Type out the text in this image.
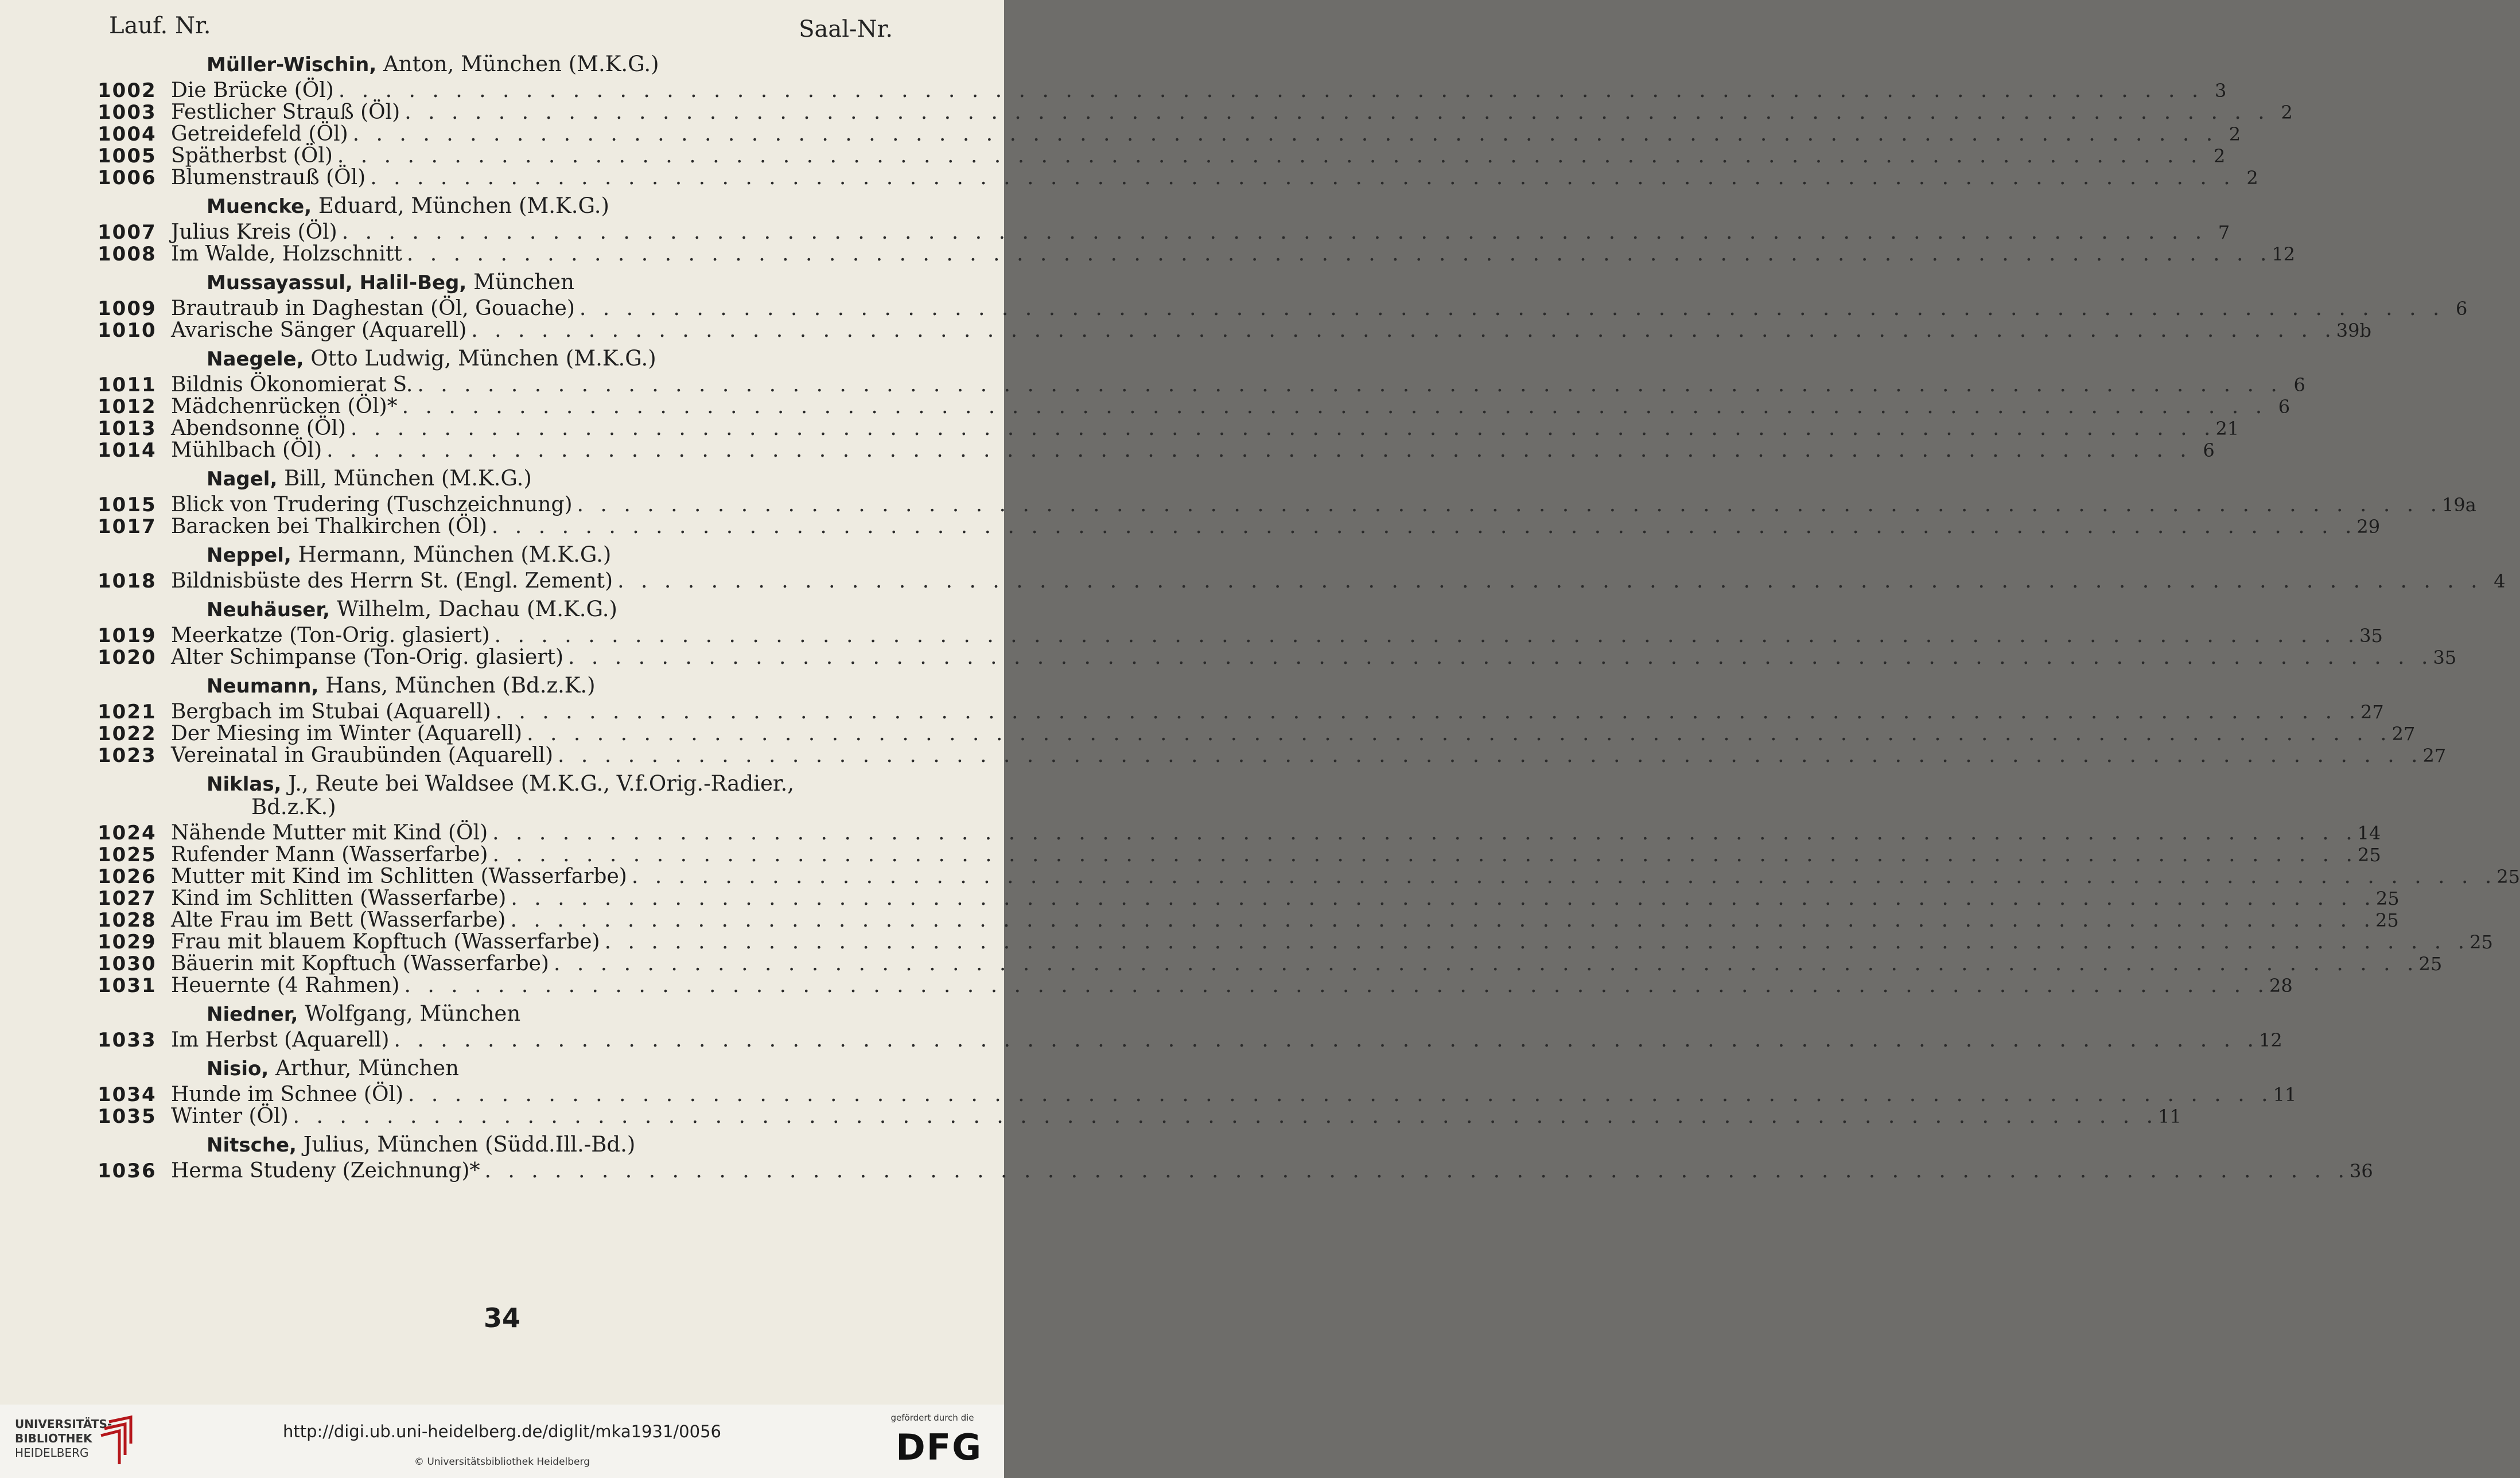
Lauf. Nr.	Saal-Nr.
Müller-Wischin, Anton, München (M.K.G.)
1002 Die Brücke (Öl) . . . . . . . . . . . . . . . . . . . . . . . . . . . . . . . . . . . . . . . . . . . . . . . . . . . . . . . . . . . . . . . . . . . . . . . . . . . . . . . . 3
1003 Festlicher Strauß (Öl) . . . . . . . . . . . . . . . . . . . . . . . . . . . . . . . . . . . . . . . . . . . . . . . . . . . . . . . . . . . . . . . . . . . . . . . . . . . . . . . . 2
1004 Getreidefeld (Öl) . . . . . . . . . . . . . . . . . . . . . . . . . . . . . . . . . . . . . . . . . . . . . . . . . . . . . . . . . . . . . . . . . . . . . . . . . . . . . . . . 2
1005 Spätherbst (Öl) . . . . . . . . . . . . . . . . . . . . . . . . . . . . . . . . . . . . . . . . . . . . . . . . . . . . . . . . . . . . . . . . . . . . . . . . . . . . . . . . 2
1006 Blumenstrauß (Öl) . . . . . . . . . . . . . . . . . . . . . . . . . . . . . . . . . . . . . . . . . . . . . . . . . . . . . . . . . . . . . . . . . . . . . . . . . . . . . . . . 2
Muencke, Eduard, München (M.K.G.)
1007 Julius Kreis (Öl) . . . . . . . . . . . . . . . . . . . . . . . . . . . . . . . . . . . . . . . . . . . . . . . . . . . . . . . . . . . . . . . . . . . . . . . . . . . . . . . . 7
1008 Im Walde, Holzschnitt . . . . . . . . . . . . . . . . . . . . . . . . . . . . . . . . . . . . . . . . . . . . . . . . . . . . . . . . . . . . . . . . . . . . . . . . . . . . . . . . 12
Mussayassul, Halil-Beg, München
1009 Brautraub in Daghestan (Öl, Gouache) . . . . . . . . . . . . . . . . . . . . . . . . . . . . . . . . . . . . . . . . . . . . . . . . . . . . . . . . . . . . . . . . . . . . . . . . . . . . . . . . 6
1010 Avarische Sänger (Aquarell) . . . . . . . . . . . . . . . . . . . . . . . . . . . . . . . . . . . . . . . . . . . . . . . . . . . . . . . . . . . . . . . . . . . . . . . . . . . . . . . . 39b
Naegele, Otto Ludwig, München (M.K.G.)
1011 Bildnis Ökonomierat S. . . . . . . . . . . . . . . . . . . . . . . . . . . . . . . . . . . . . . . . . . . . . . . . . . . . . . . . . . . . . . . . . . . . . . . . . . . . . . . . . 6
1012 Mädchenrücken (Öl)* . . . . . . . . . . . . . . . . . . . . . . . . . . . . . . . . . . . . . . . . . . . . . . . . . . . . . . . . . . . . . . . . . . . . . . . . . . . . . . . . 6
1013 Abendsonne (Öl) . . . . . . . . . . . . . . . . . . . . . . . . . . . . . . . . . . . . . . . . . . . . . . . . . . . . . . . . . . . . . . . . . . . . . . . . . . . . . . . . 21
1014 Mühlbach (Öl) . . . . . . . . . . . . . . . . . . . . . . . . . . . . . . . . . . . . . . . . . . . . . . . . . . . . . . . . . . . . . . . . . . . . . . . . . . . . . . . . 6
Nagel, Bill, München (M.K.G.)
1015 Blick von Trudering (Tuschzeichnung) . . . . . . . . . . . . . . . . . . . . . . . . . . . . . . . . . . . . . . . . . . . . . . . . . . . . . . . . . . . . . . . . . . . . . . . . . . . . . . . . 19a
1017 Baracken bei Thalkirchen (Öl) . . . . . . . . . . . . . . . . . . . . . . . . . . . . . . . . . . . . . . . . . . . . . . . . . . . . . . . . . . . . . . . . . . . . . . . . . . . . . . . . 29
Neppel, Hermann, München (M.K.G.)
1018 Bildnisbüste des Herrn St. (Engl. Zement) . . . . . . . . . . . . . . . . . . . . . . . . . . . . . . . . . . . . . . . . . . . . . . . . . . . . . . . . . . . . . . . . . . . . . . . . . . . . . . . . 4
Neuhäuser, Wilhelm, Dachau (M.K.G.)
1019 Meerkatze (Ton-Orig. glasiert) . . . . . . . . . . . . . . . . . . . . . . . . . . . . . . . . . . . . . . . . . . . . . . . . . . . . . . . . . . . . . . . . . . . . . . . . . . . . . . . . 35
1020 Alter Schimpanse (Ton-Orig. glasiert) . . . . . . . . . . . . . . . . . . . . . . . . . . . . . . . . . . . . . . . . . . . . . . . . . . . . . . . . . . . . . . . . . . . . . . . . . . . . . . . . 35
Neumann, Hans, München (Bd.z.K.)
1021 Bergbach im Stubai (Aquarell) . . . . . . . . . . . . . . . . . . . . . . . . . . . . . . . . . . . . . . . . . . . . . . . . . . . . . . . . . . . . . . . . . . . . . . . . . . . . . . . . 27
1022 Der Miesing im Winter (Aquarell) . . . . . . . . . . . . . . . . . . . . . . . . . . . . . . . . . . . . . . . . . . . . . . . . . . . . . . . . . . . . . . . . . . . . . . . . . . . . . . . . 27
1023 Vereinatal in Graubünden (Aquarell) . . . . . . . . . . . . . . . . . . . . . . . . . . . . . . . . . . . . . . . . . . . . . . . . . . . . . . . . . . . . . . . . . . . . . . . . . . . . . . . . 27
Niklas, J., Reute bei Waldsee (M.K.G., V.f.Orig.-Radier.,
Bd.z.K.)
1024 Nähende Mutter mit Kind (Öl) . . . . . . . . . . . . . . . . . . . . . . . . . . . . . . . . . . . . . . . . . . . . . . . . . . . . . . . . . . . . . . . . . . . . . . . . . . . . . . . . 14
1025 Rufender Mann (Wasserfarbe) . . . . . . . . . . . . . . . . . . . . . . . . . . . . . . . . . . . . . . . . . . . . . . . . . . . . . . . . . . . . . . . . . . . . . . . . . . . . . . . . 25
1026 Mutter mit Kind im Schlitten (Wasserfarbe) . . . . . . . . . . . . . . . . . . . . . . . . . . . . . . . . . . . . . . . . . . . . . . . . . . . . . . . . . . . . . . . . . . . . . . . . . . . . . . . . 25
1027 Kind im Schlitten (Wasserfarbe) . . . . . . . . . . . . . . . . . . . . . . . . . . . . . . . . . . . . . . . . . . . . . . . . . . . . . . . . . . . . . . . . . . . . . . . . . . . . . . . . 25
1028 Alte Frau im Bett (Wasserfarbe) . . . . . . . . . . . . . . . . . . . . . . . . . . . . . . . . . . . . . . . . . . . . . . . . . . . . . . . . . . . . . . . . . . . . . . . . . . . . . . . . 25
1029 Frau mit blauem Kopftuch (Wasserfarbe) . . . . . . . . . . . . . . . . . . . . . . . . . . . . . . . . . . . . . . . . . . . . . . . . . . . . . . . . . . . . . . . . . . . . . . . . . . . . . . . . 25
1030 Bäuerin mit Kopftuch (Wasserfarbe) . . . . . . . . . . . . . . . . . . . . . . . . . . . . . . . . . . . . . . . . . . . . . . . . . . . . . . . . . . . . . . . . . . . . . . . . . . . . . . . . 25
1031 Heuernte (4 Rahmen) . . . . . . . . . . . . . . . . . . . . . . . . . . . . . . . . . . . . . . . . . . . . . . . . . . . . . . . . . . . . . . . . . . . . . . . . . . . . . . . . 28
Niedner, Wolfgang, München
1033 Im Herbst (Aquarell) . . . . . . . . . . . . . . . . . . . . . . . . . . . . . . . . . . . . . . . . . . . . . . . . . . . . . . . . . . . . . . . . . . . . . . . . . . . . . . . . 12
Nisio, Arthur, München
1034 Hunde im Schnee (Öl) . . . . . . . . . . . . . . . . . . . . . . . . . . . . . . . . . . . . . . . . . . . . . . . . . . . . . . . . . . . . . . . . . . . . . . . . . . . . . . . . 11
1035 Winter (Öl) . . . . . . . . . . . . . . . . . . . . . . . . . . . . . . . . . . . . . . . . . . . . . . . . . . . . . . . . . . . . . . . . . . . . . . . . . . . . . . . . 11
Nitsche, Julius, München (Südd.Ill.-Bd.)
1036 Herma Studeny (Zeichnung)* . . . . . . . . . . . . . . . . . . . . . . . . . . . . . . . . . . . . . . . . . . . . . . . . . . . . . . . . . . . . . . . . . . . . . . . . . . . . . . . . 36
34
UNIVERSITÄTS-
BIBLIOTHEK
HEIDELBERG
http://digi.ub.uni-heidelberg.de/diglit/mka1931/0056
© Universitätsbibliothek Heidelberg
gefördert durch die
DFG
